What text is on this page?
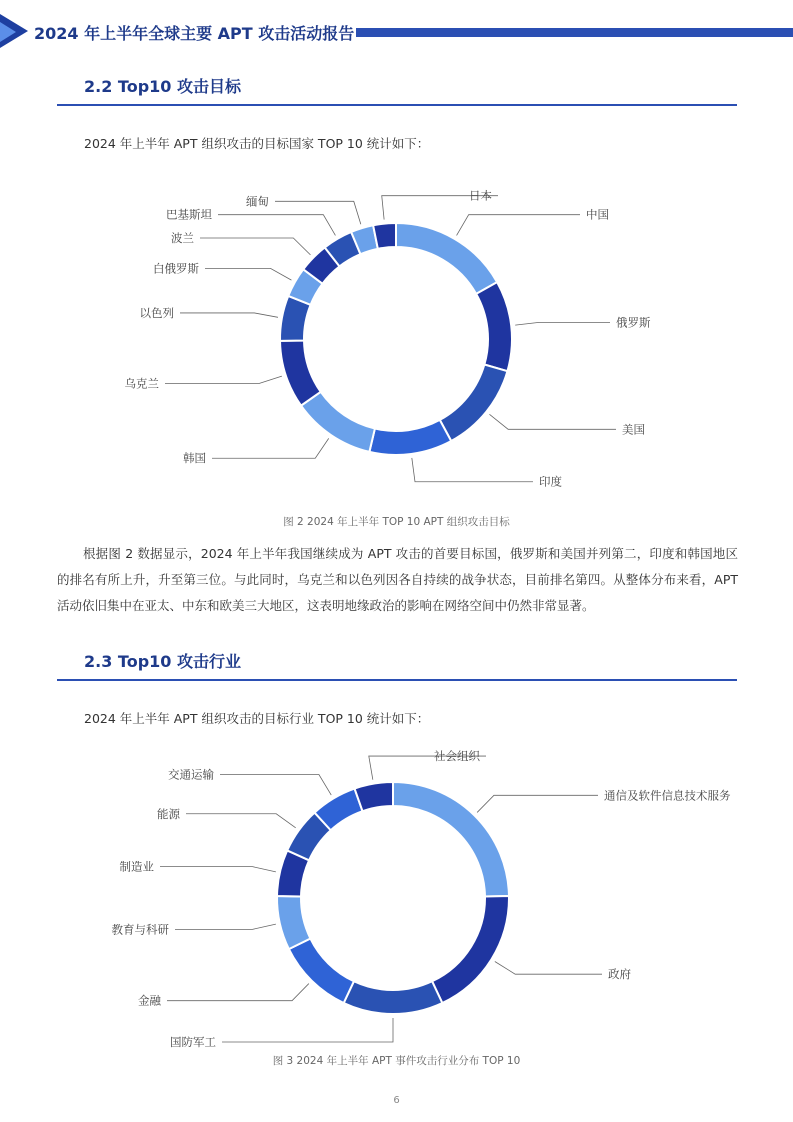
2024 年上半年全球主要 APT 攻击活动报告
2.2 Top10 攻击目标
2024 年上半年 APT 组织攻击的目标国家 TOP 10 统计如下：
中国
俄罗斯
美国
印度
韩国
乌克兰
以色列
白俄罗斯
波兰
巴基斯坦
缅甸	日本
图 2 2024 年上半年 TOP 10 APT 组织攻击目标
根据图 2 数据显示，2024 年上半年我国继续成为 APT 攻击的首要目标国，俄罗斯和美国并列第二，印度和韩国地区的排名有所上升，升至第三位。与此同时，乌克兰和以色列因各自持续的战争状态，目前排名第四。从整体分布来看，APT 活动依旧集中在亚太、中东和欧美三大地区，这表明地缘政治的影响在网络空间中仍然非常显著。
2.3 Top10 攻击行业
2024 年上半年 APT 组织攻击的目标行业 TOP 10 统计如下：
通信及软件信息技术服务
政府
国防军工
金融
教育与科研
制造业
能源
交通运输
社会组织
图 3 2024 年上半年 APT 事件攻击行业分布 TOP 10
6
